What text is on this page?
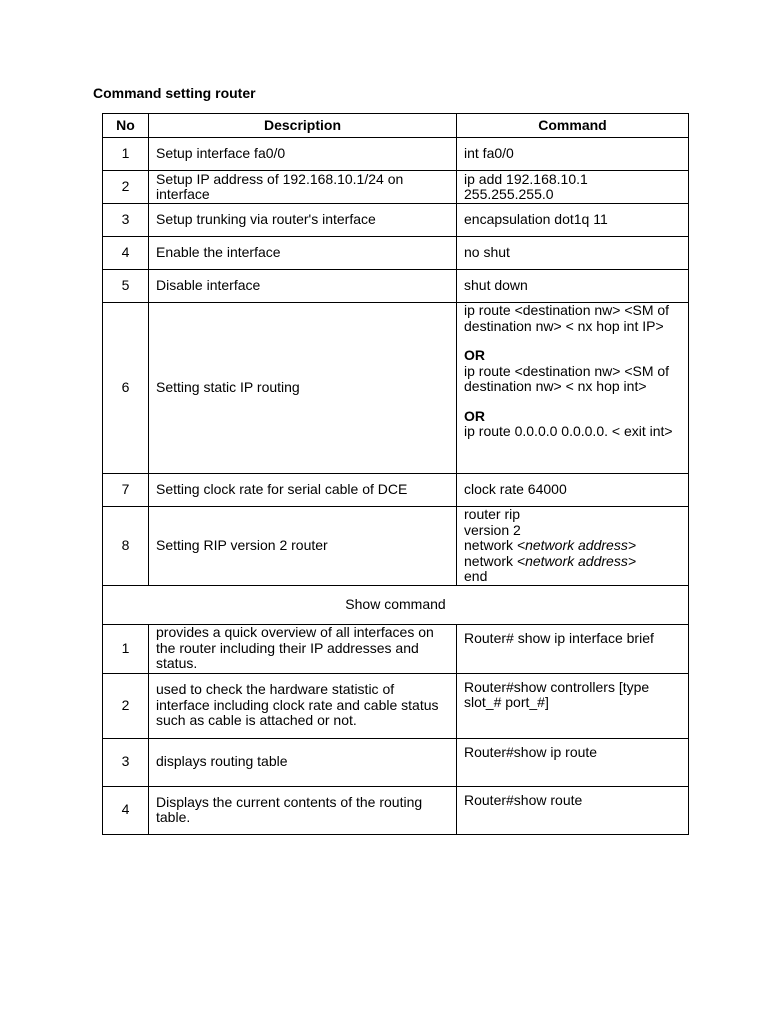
Command setting router
No	Description	Command
1	Setup interface fa0/0	int fa0/0
2	Setup IP address of 192.168.10.1/24 on interface	ip add 192.168.10.1 255.255.255.0
3	Setup trunking via router's interface	encapsulation dot1q 11
4	Enable the interface	no shut
5	Disable interface	shut down
6	Setting static IP routing	ip route <destination nw> <SM of destination nw> < nx hop int IP>
OR
ip route <destination nw> <SM of destination nw> < nx hop int>
OR
ip route 0.0.0.0 0.0.0.0. < exit int>

7	Setting clock rate for serial cable of DCE	clock rate 64000
8	Setting RIP version 2 router	router rip
version 2
network <network address>
network <network address>
end

Show command		
1	provides a quick overview of all interfaces on the router including their IP addresses and status.	Router# show ip interface brief
2	used to check the hardware statistic of interface including clock rate and cable status such as cable is attached or not.	Router#show controllers [type slot_# port_#]
3	displays routing table	Router#show ip route
4	Displays the current contents of the routing table.	Router#show route
